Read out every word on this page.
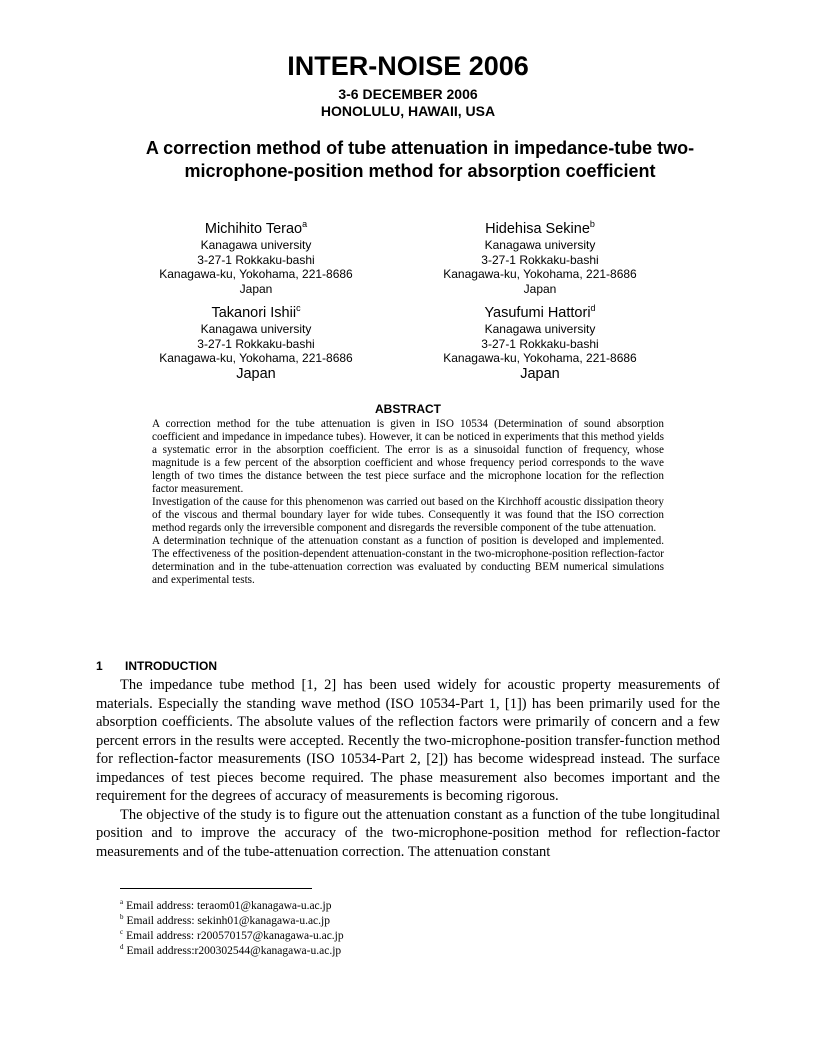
INTER-NOISE 2006
3-6 DECEMBER 2006
HONOLULU, HAWAII, USA
A correction method of tube attenuation in impedance-tube two-microphone-position method for absorption coefficient
Michihito Terao$^a$
Kanagawa university
3-27-1 Rokkaku-bashi
Kanagawa-ku, Yokohama, 221-8686
Japan
Hidehisa Sekine$^b$
Kanagawa university
3-27-1 Rokkaku-bashi
Kanagawa-ku, Yokohama, 221-8686
Japan
Takanori Ishii$^c$
Kanagawa university
3-27-1 Rokkaku-bashi
Kanagawa-ku, Yokohama, 221-8686
Japan
Yasufumi Hattori$^d$
Kanagawa university
3-27-1 Rokkaku-bashi
Kanagawa-ku, Yokohama, 221-8686
Japan
ABSTRACT

A correction method for the tube attenuation is given in ISO 10534 (Determination of sound absorption coefficient and impedance in impedance tubes). However, it can be noticed in experiments that this method yields a systematic error in the absorption coefficient. The error is as a sinusoidal function of frequency, whose magnitude is a few percent of the absorption coefficient and whose frequency period corresponds to the wave length of two times the distance between the test piece surface and the microphone location for the reflection factor measurement.

Investigation of the cause for this phenomenon was carried out based on the Kirchhoff acoustic dissipation theory of the viscous and thermal boundary layer for wide tubes. Consequently it was found that the ISO correction method regards only the irreversible component and disregards the reversible component of the tube attenuation.

A determination technique of the attenuation constant as a function of position is developed and implemented. The effectiveness of the position-dependent attenuation-constant in the two-microphone-position reflection-factor determination and in the tube-attenuation correction was evaluated by conducting BEM numerical simulations and experimental tests.

1 INTRODUCTION

The impedance tube method [1, 2] has been used widely for acoustic property measurements of materials. Especially the standing wave method (ISO 10534-Part 1, [1]) has been primarily used for the absorption coefficients. The absolute values of the reflection factors were primarily of concern and a few percent errors in the results were accepted. Recently the two-microphone-position transfer-function method for reflection-factor measurements (ISO 10534-Part 2, [2]) has become widespread instead. The surface impedances of test pieces become required. The phase measurement also becomes important and the requirement for the degrees of accuracy of measurements is becoming rigorous.

The objective of the study is to figure out the attenuation constant as a function of the tube longitudinal position and to improve the accuracy of the two-microphone-position method for reflection-factor measurements and of the tube-attenuation correction. The attenuation constant

$^a$ Email address: teraom01@kanagawa-u.ac.jp
$^b$ Email address: sekinh01@kanagawa-u.ac.jp
$^c$ Email address: r200570157@kanagawa-u.ac.jp
$^d$ Email address:r200302544@kanagawa-u.ac.jp
